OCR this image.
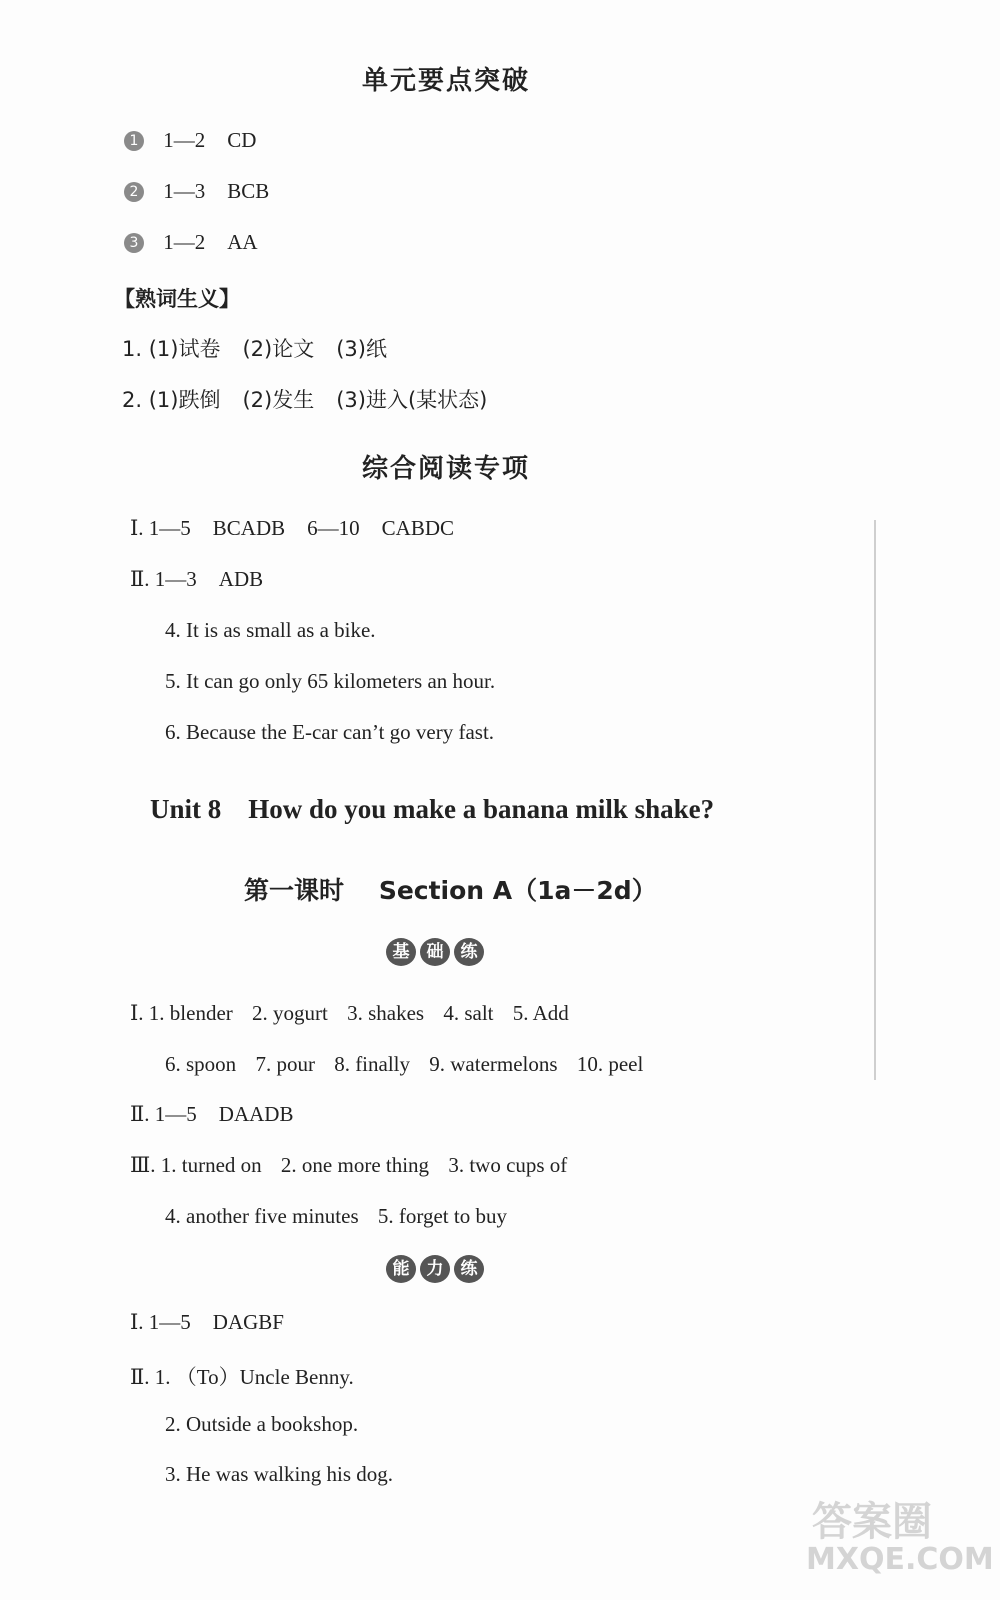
单元要点突破
1 1—2 CD
2 1—3 BCB
3 1—2 AA
【熟词生义】
1. (1)试卷 (2)论文 (3)纸
2. (1)跌倒 (2)发生 (3)进入(某状态)
综合阅读专项
Ⅰ. 1—5 BCADB 6—10 CABDC
Ⅱ. 1—3 ADB
4. It is as small as a bike.
5. It can go only 65 kilometers an hour.
6. Because the E-car can’t go very fast.
Unit 8    How do you make a banana milk shake?
第一课时    Section A（1a－2d）
基	础	练
Ⅰ. 1. blender 2. yogurt 3. shakes 4. salt 5. Add
6. spoon 7. pour 8. finally 9. watermelons 10. peel
Ⅱ. 1—5 DAADB
Ⅲ. 1. turned on 2. one more thing 3. two cups of
4. another five minutes 5. forget to buy
能	力	练
Ⅰ. 1—5 DAGBF
Ⅱ. 1. （To）Uncle Benny.
2. Outside a bookshop.
3. He was walking his dog.
答案圈
MXQE.COM
